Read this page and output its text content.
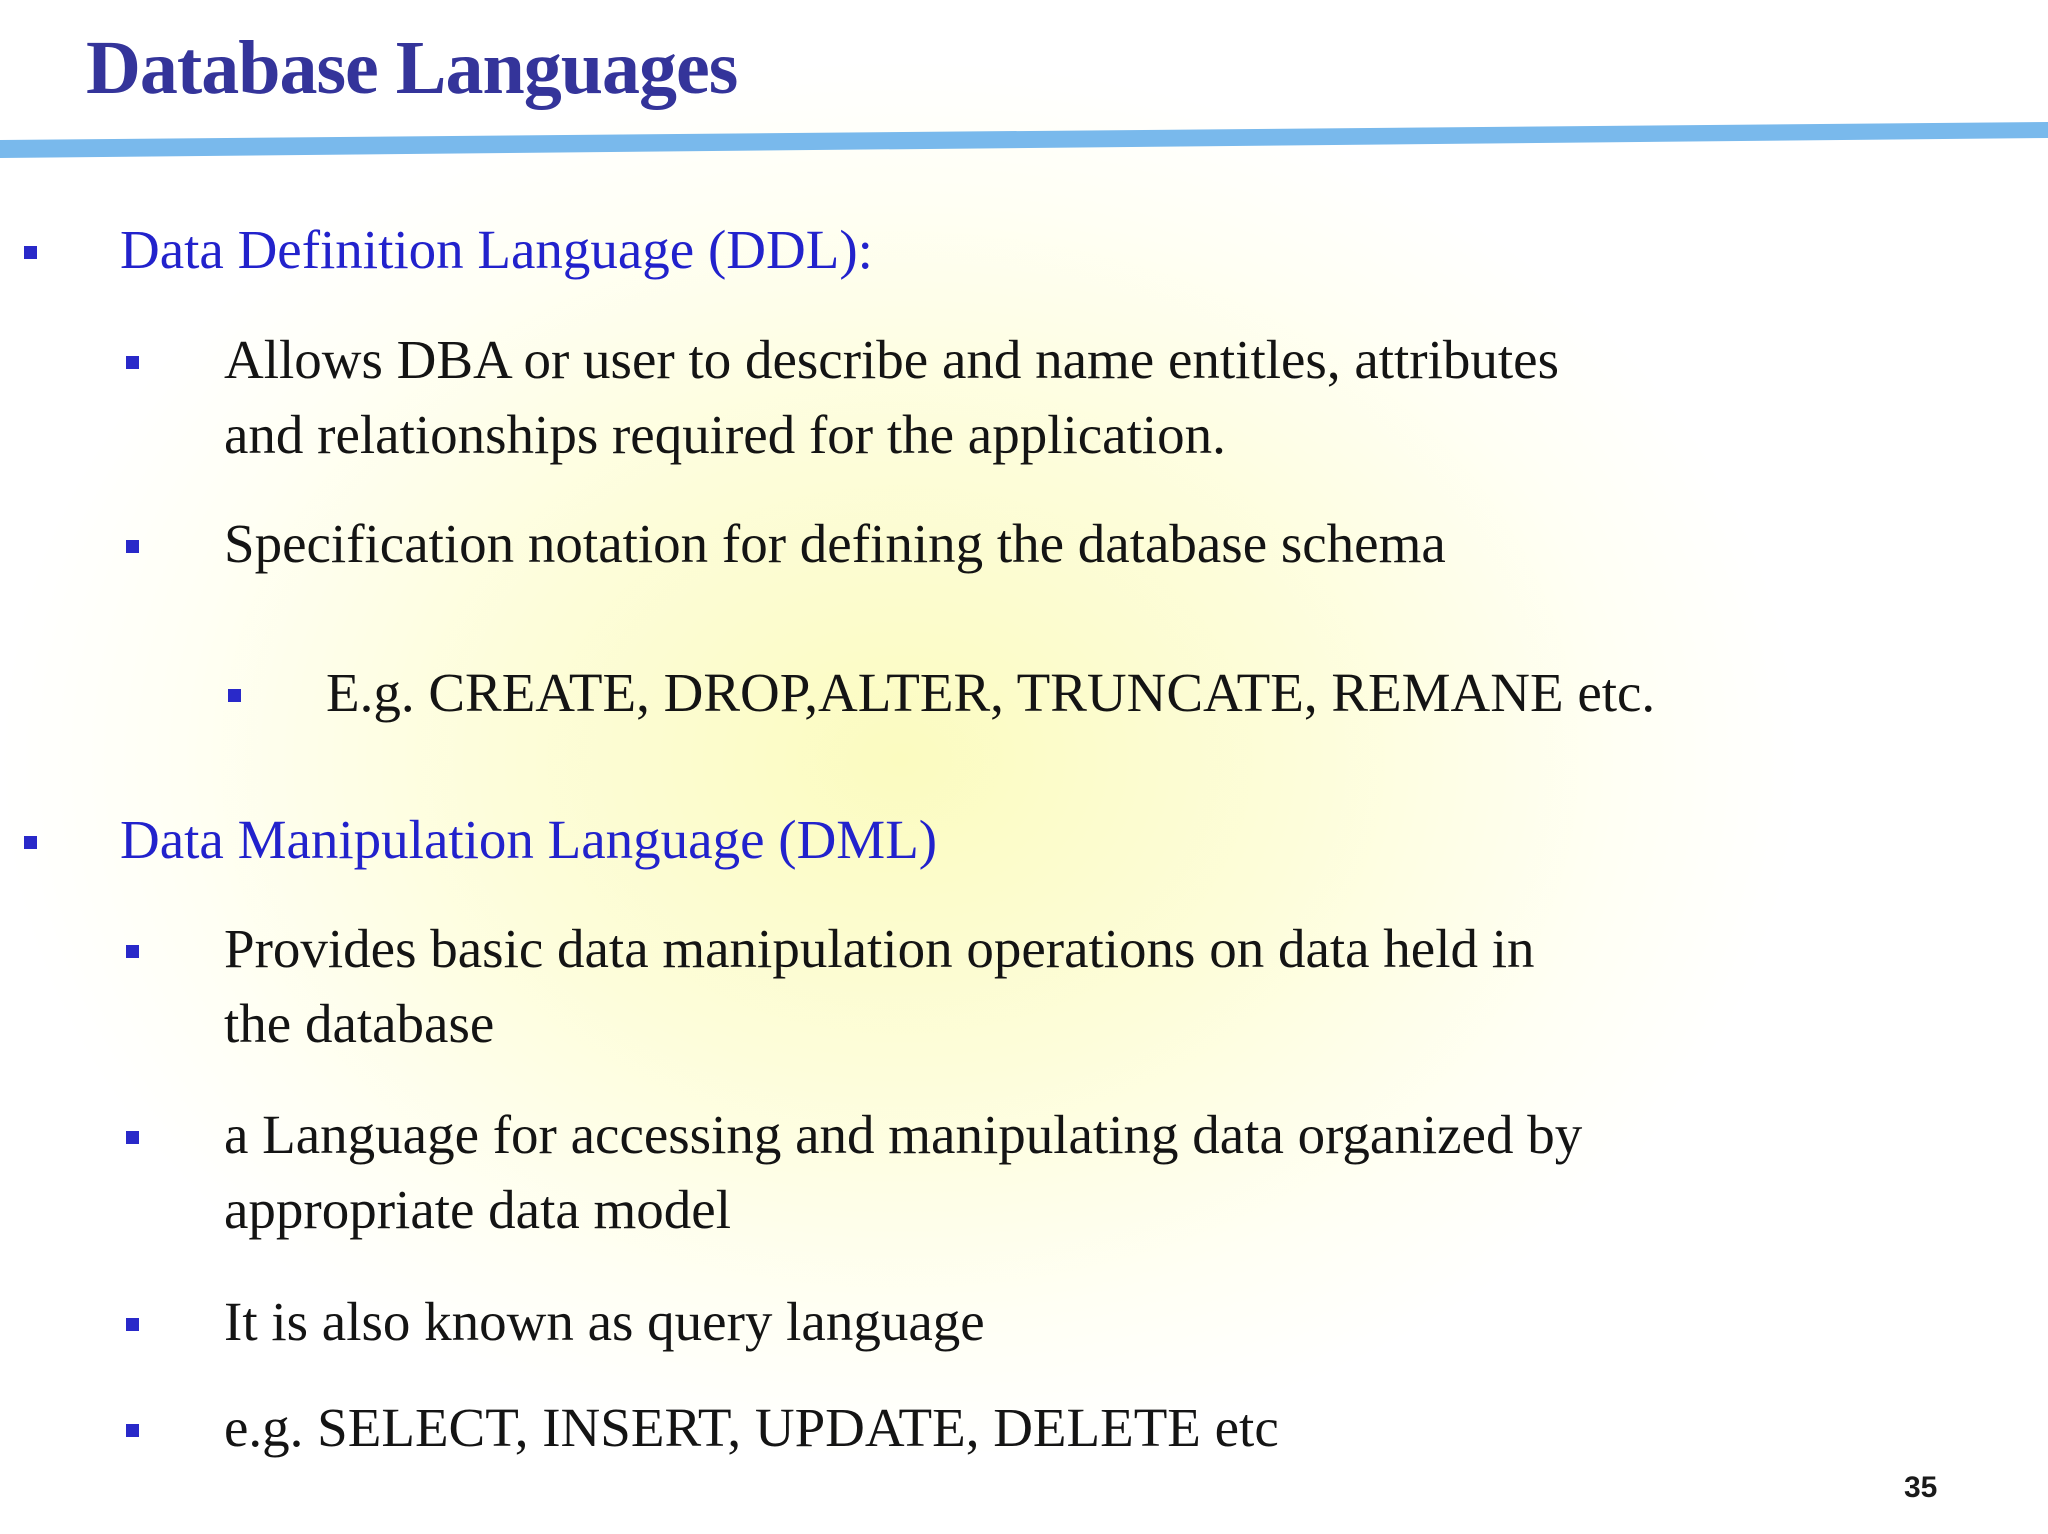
Database Languages
Data Definition Language (DDL):
Allows DBA or user to describe and name entitles, attributes
and relationships required for the application.
Specification notation for defining the database schema
E.g. CREATE, DROP,ALTER, TRUNCATE, REMANE etc.
Data Manipulation Language (DML)
Provides basic data manipulation operations on data held in
the database
a Language for accessing and manipulating data organized by
appropriate data model
It is also known as query language
e.g. SELECT, INSERT, UPDATE, DELETE etc
35
